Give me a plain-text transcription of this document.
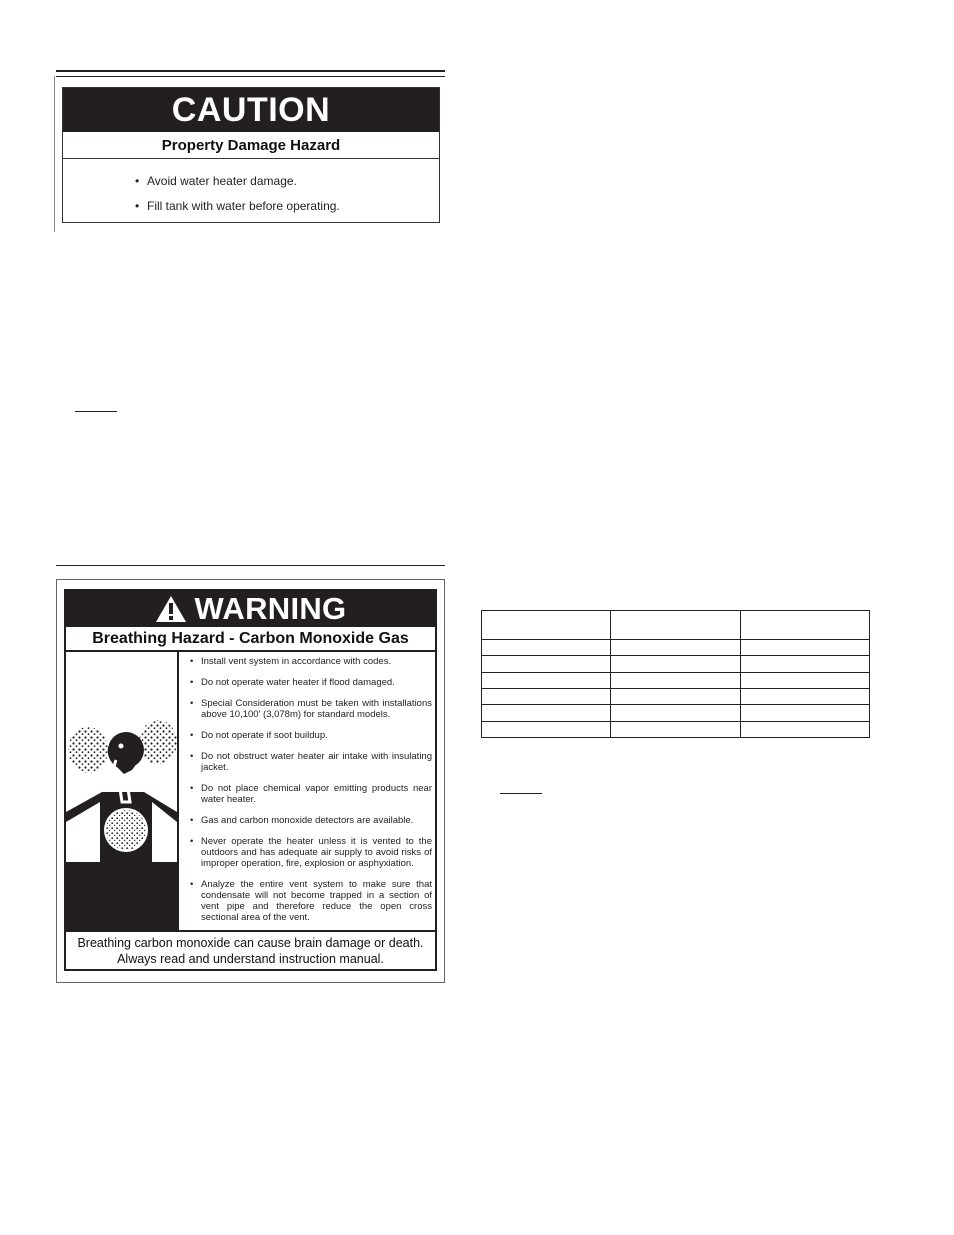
CAUTION
Property Damage Hazard
• Avoid water heater damage.
• Fill tank with water before operating.
WARNING
Breathing Hazard - Carbon Monoxide Gas
• Install vent system in accordance with codes.
• Do not operate water heater if flood damaged.
• Special Consideration must be taken with installations above 10,100' (3,078m) for standard models.
• Do not operate if soot buildup.
• Do not obstruct water heater air intake with insulating jacket.
• Do not place chemical vapor emitting products near water heater.
• Gas and carbon monoxide detectors are available.
• Never operate the heater unless it is vented to the outdoors and has adequate air supply to avoid risks of improper operation, fire, explosion or asphyxiation.
• Analyze the entire vent system to make sure that condensate will not become trapped in a section of vent pipe and therefore reduce the open cross sectional area of the vent.
Breathing carbon monoxide can cause brain damage or death.
Always read and understand instruction manual.
